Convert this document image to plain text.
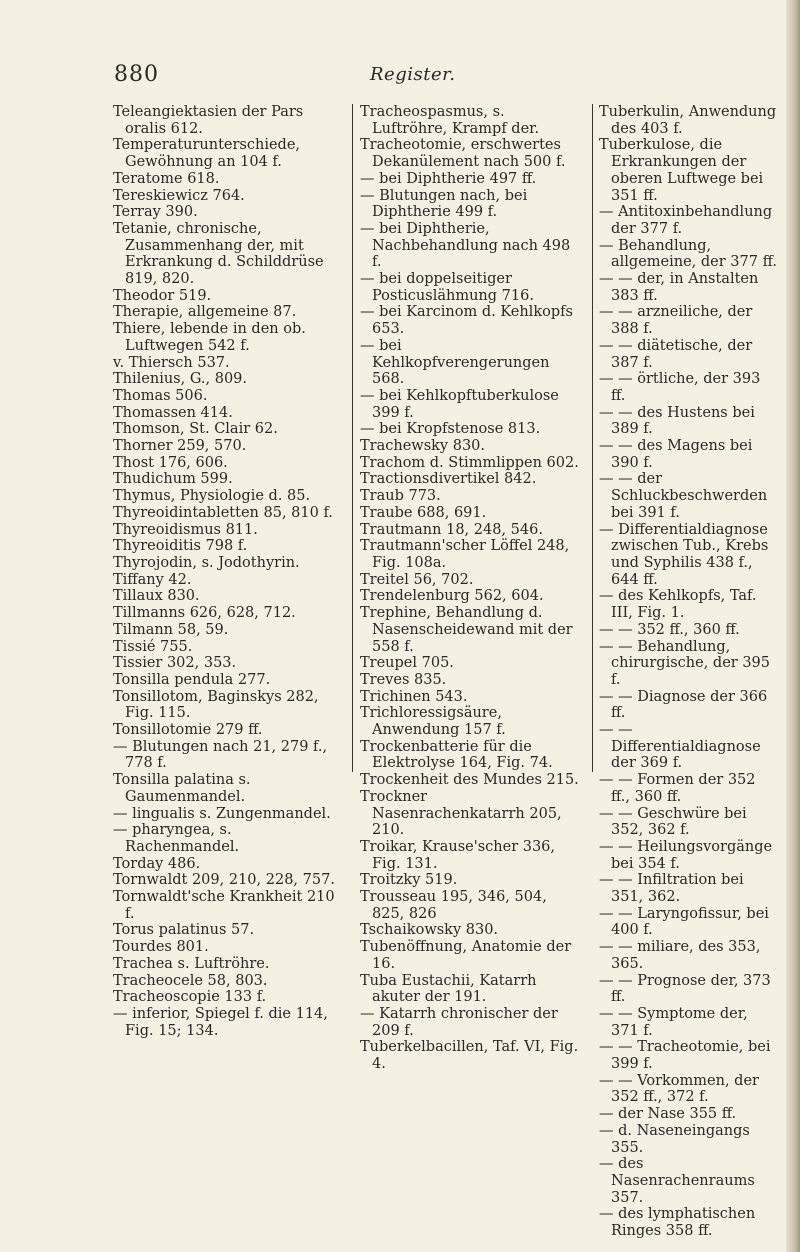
880	Register.

Teleangiektasien der Pars oralis 612.

Temperaturunterschiede, Gewöhnung an 104 f.

Teratome 618.

Tereskiewicz 764.

Terray 390.

Tetanie, chronische, Zusammenhang der, mit Erkrankung d. Schilddrüse 819, 820.

Theodor 519.

Therapie, allgemeine 87.

Thiere, lebende in den ob. Luftwegen 542 f.

v. Thiersch 537.

Thilenius, G., 809.

Thomas 506.

Thomassen 414.

Thomson, St. Clair 62.

Thorner 259, 570.

Thost 176, 606.

Thudichum 599.

Thymus, Physiologie d. 85.

Thyreoidintabletten 85, 810 f.

Thyreoidismus 811.

Thyreoiditis 798 f.

Thyrojodin, s. Jodothyrin.

Tiffany 42.

Tillaux 830.

Tillmanns 626, 628, 712.

Tilmann 58, 59.

Tissié 755.

Tissier 302, 353.

Tonsilla pendula 277.

Tonsillotom, Baginskys 282, Fig. 115.

Tonsillotomie 279 ff.

— Blutungen nach 21, 279 f., 778 f.

Tonsilla palatina s. Gaumenmandel.

— lingualis s. Zungenmandel.

— pharyngea, s. Rachenmandel.

Torday 486.

Tornwaldt 209, 210, 228, 757.

Tornwaldt'sche Krankheit 210 f.

Torus palatinus 57.

Tourdes 801.

Trachea s. Luftröhre.

Tracheocele 58, 803.

Tracheoscopie 133 f.

— inferior, Spiegel f. die 114, Fig. 15; 134.

Tracheospasmus, s. Luftröhre, Krampf der.

Tracheotomie, erschwertes Dekanülement nach 500 f.

— bei Diphtherie 497 ff.

— Blutungen nach, bei Diphtherie 499 f.

— bei Diphtherie, Nachbehandlung nach 498 f.

— bei doppelseitiger Posticuslähmung 716.

— bei Karcinom d. Kehlkopfs 653.

— bei Kehlkopfverengerungen 568.

— bei Kehlkopftuberkulose 399 f.

— bei Kropfstenose 813.

Trachewsky 830.

Trachom d. Stimmlippen 602.

Tractionsdivertikel 842.

Traub 773.

Traube 688, 691.

Trautmann 18, 248, 546.

Trautmann'scher Löffel 248, Fig. 108a.

Treitel 56, 702.

Trendelenburg 562, 604.

Trephine, Behandlung d. Nasenscheidewand mit der 558 f.

Treupel 705.

Treves 835.

Trichinen 543.

Trichloressigsäure, Anwendung 157 f.

Trockenbatterie für die Elektrolyse 164, Fig. 74.

Trockenheit des Mundes 215.

Trockner Nasenrachenkatarrh 205, 210.

Troikar, Krause'scher 336, Fig. 131.

Troitzky 519.

Trousseau 195, 346, 504, 825, 826

Tschaikowsky 830.

Tubenöffnung, Anatomie der 16.

Tuba Eustachii, Katarrh akuter der 191.

— Katarrh chronischer der 209 f.

Tuberkelbacillen, Taf. VI, Fig. 4.

Tuberkulin, Anwendung des 403 f.

Tuberkulose, die Erkrankungen der oberen Luftwege bei 351 ff.

— Antitoxinbehandlung der 377 f.

— Behandlung, allgemeine, der 377 ff.

— — der, in Anstalten 383 ff.

— — arzneiliche, der 388 f.

— — diätetische, der 387 f.

— — örtliche, der 393 ff.

— — des Hustens bei 389 f.

— — des Magens bei 390 f.

— — der Schluckbeschwerden bei 391 f.

— Differentialdiagnose zwischen Tub., Krebs und Syphilis 438 f., 644 ff.

— des Kehlkopfs, Taf. III, Fig. 1.

— — 352 ff., 360 ff.

— — Behandlung, chirurgische, der 395 f.

— — Diagnose der 366 ff.

— — Differentialdiagnose der 369 f.

— — Formen der 352 ff., 360 ff.

— — Geschwüre bei 352, 362 f.

— — Heilungsvorgänge bei 354 f.

— — Infiltration bei 351, 362.

— — Laryngofissur, bei 400 f.

— — miliare, des 353, 365.

— — Prognose der, 373 ff.

— — Symptome der, 371 f.

— — Tracheotomie, bei 399 f.

— — Vorkommen, der 352 ff., 372 f.

— der Nase 355 ff.

— d. Naseneingangs 355.

— des Nasenrachenraums 357.

— des lymphatischen Ringes 358 ff.
